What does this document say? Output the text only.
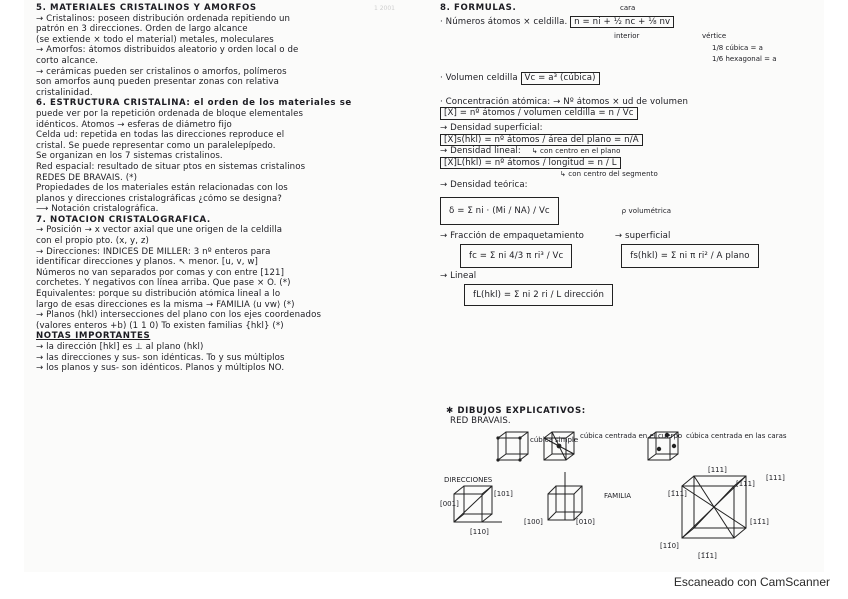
1 2001
5. MATERIALES CRISTALINOS Y AMORFOS
→ Cristalinos: poseen distribución ordenada repitiendo un
patrón en 3 direcciones. Orden de largo alcance
(se extiende × todo el material) metales, moleculares
→ Amorfos: átomos distribuidos aleatorio y orden local o de
corto alcance.
→ cerámicas pueden ser cristalinos o amorfos, polímeros
son amorfos aunq pueden presentar zonas con relativa
cristalinidad.
6. ESTRUCTURA CRISTALINA: el orden de los materiales se
puede ver por la repetición ordenada de bloque elementales
idénticos. Átomos → esferas de diámetro fijo
Celda ud: repetida en todas las direcciones reproduce el
cristal. Se puede representar como un paralelepípedo.
Se organizan en los 7 sistemas cristalinos.
Red espacial: resultado de situar ptos en sistemas cristalinos
REDES DE BRAVAIS. (*)
Propiedades de los materiales están relacionadas con los
planos y direcciones cristalográficas ¿cómo se designa?
⟶ Notación cristalográfica.
7. NOTACIÓN CRISTALOGRÁFICA.
→ Posición → x vector axial que une origen de la celdilla
con el propio pto. (x, y, z)
→ Direcciones: ÍNDICES DE MILLER: 3 nº enteros para
identificar direcciones y planos. ↖ menor. [u, v, w]
Números no van separados por comas y con entre [1̄21]
corchetes. Y negativos con línea arriba. Que pase × O. (*)
Equivalentes: porque su distribución atómica lineal a lo
largo de esas direcciones es la misma → FAMILIA ⟨u vw⟩ (*)
→ Planos (hkl) intersecciones del plano con los ejes coordenados
(valores enteros +b) (1 1̄ 0) To existen familias {hkl} (*)
NOTAS IMPORTANTES
→ la dirección [hkl] es ⊥ al plano (hkl)
→ las direcciones y sus- son idénticas. To y sus múltiplos
→ los planos y sus- son idénticos. Planos y múltiplos NO.
8. FÓRMULAS.
· Números átomos × celdilla. n = ni + ½ nc + ⅛ nv
cara
interior	vértice
1/8 cúbica = a
1/6 hexagonal = a
· Volumen celdilla Vc = a³ (cúbica)
· Concentración atómica: → Nº átomos × ud de volumen
[X] = nº átomos / volumen celdilla = n / Vc
→ Densidad superficial:
[X]s(hkl) = nº átomos / área del plano = n/A
→ Densidad lineal: ↳ con centro en el plano
[X]L(hkl) = nº átomos / longitud = n / L
↳ con centro del segmento
→ Densidad teórica:
δ = Σ ni · (Mi / NA) / Vc	ρ volumétrica
→ Fracción de empaquetamiento	→ superficial
fc = Σ ni 4/3 π ri³ / Vc	fs(hkl) = Σ ni π ri² / A plano
→ Lineal
fL(hkl) = Σ ni 2 ri / L dirección
✱ DIBUJOS EXPLICATIVOS:
RED BRAVAIS.
cúbica simple cúbica centrada en el cuerpo cúbica centrada en las caras
DIRECCIONES
FAMILIA
[001]
[101]
[110]
[100]	[010]
[11̄0]
[1̄11]
[111]
[11̄1]
[1̄1̄1]
[1̄11]
[111]
Escaneado con CamScanner
